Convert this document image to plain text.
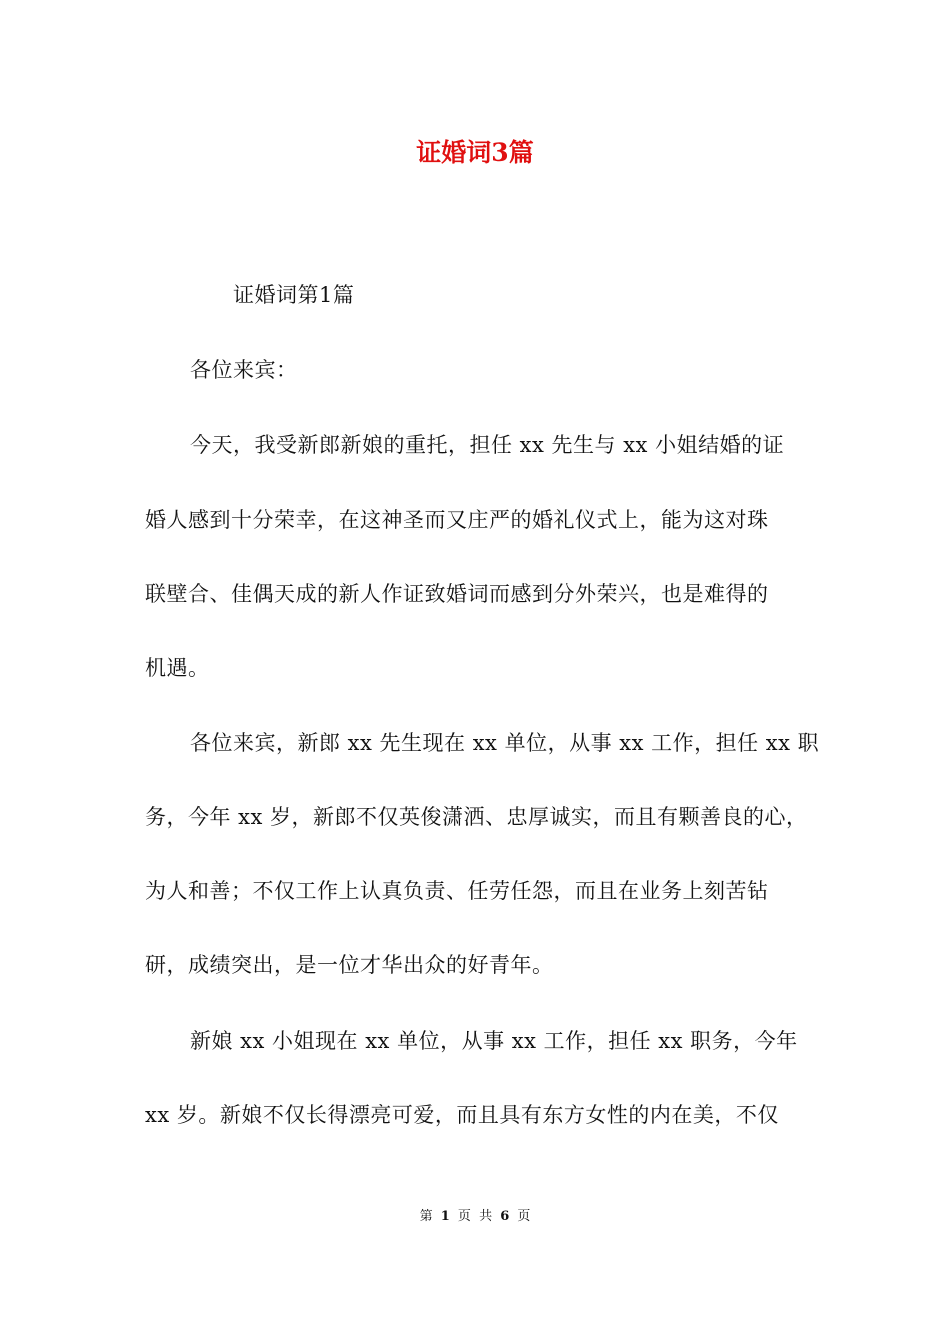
证婚词3篇
证婚词第1篇
各位来宾：
今天，我受新郎新娘的重托，担任 xx 先生与 xx 小姐结婚的证
婚人感到十分荣幸，在这神圣而又庄严的婚礼仪式上，能为这对珠
联壁合、佳偶天成的新人作证致婚词而感到分外荣兴，也是难得的
机遇。
各位来宾，新郎 xx 先生现在 xx 单位，从事 xx 工作，担任 xx 职
务，今年 xx 岁，新郎不仅英俊潇洒、忠厚诚实，而且有颗善良的心，
为人和善；不仅工作上认真负责、任劳任怨，而且在业务上刻苦钻
研，成绩突出，是一位才华出众的好青年。
新娘 xx 小姐现在 xx 单位，从事 xx 工作，担任 xx 职务，今年
xx 岁。新娘不仅长得漂亮可爱，而且具有东方女性的内在美，不仅
第 1 页 共 6 页
